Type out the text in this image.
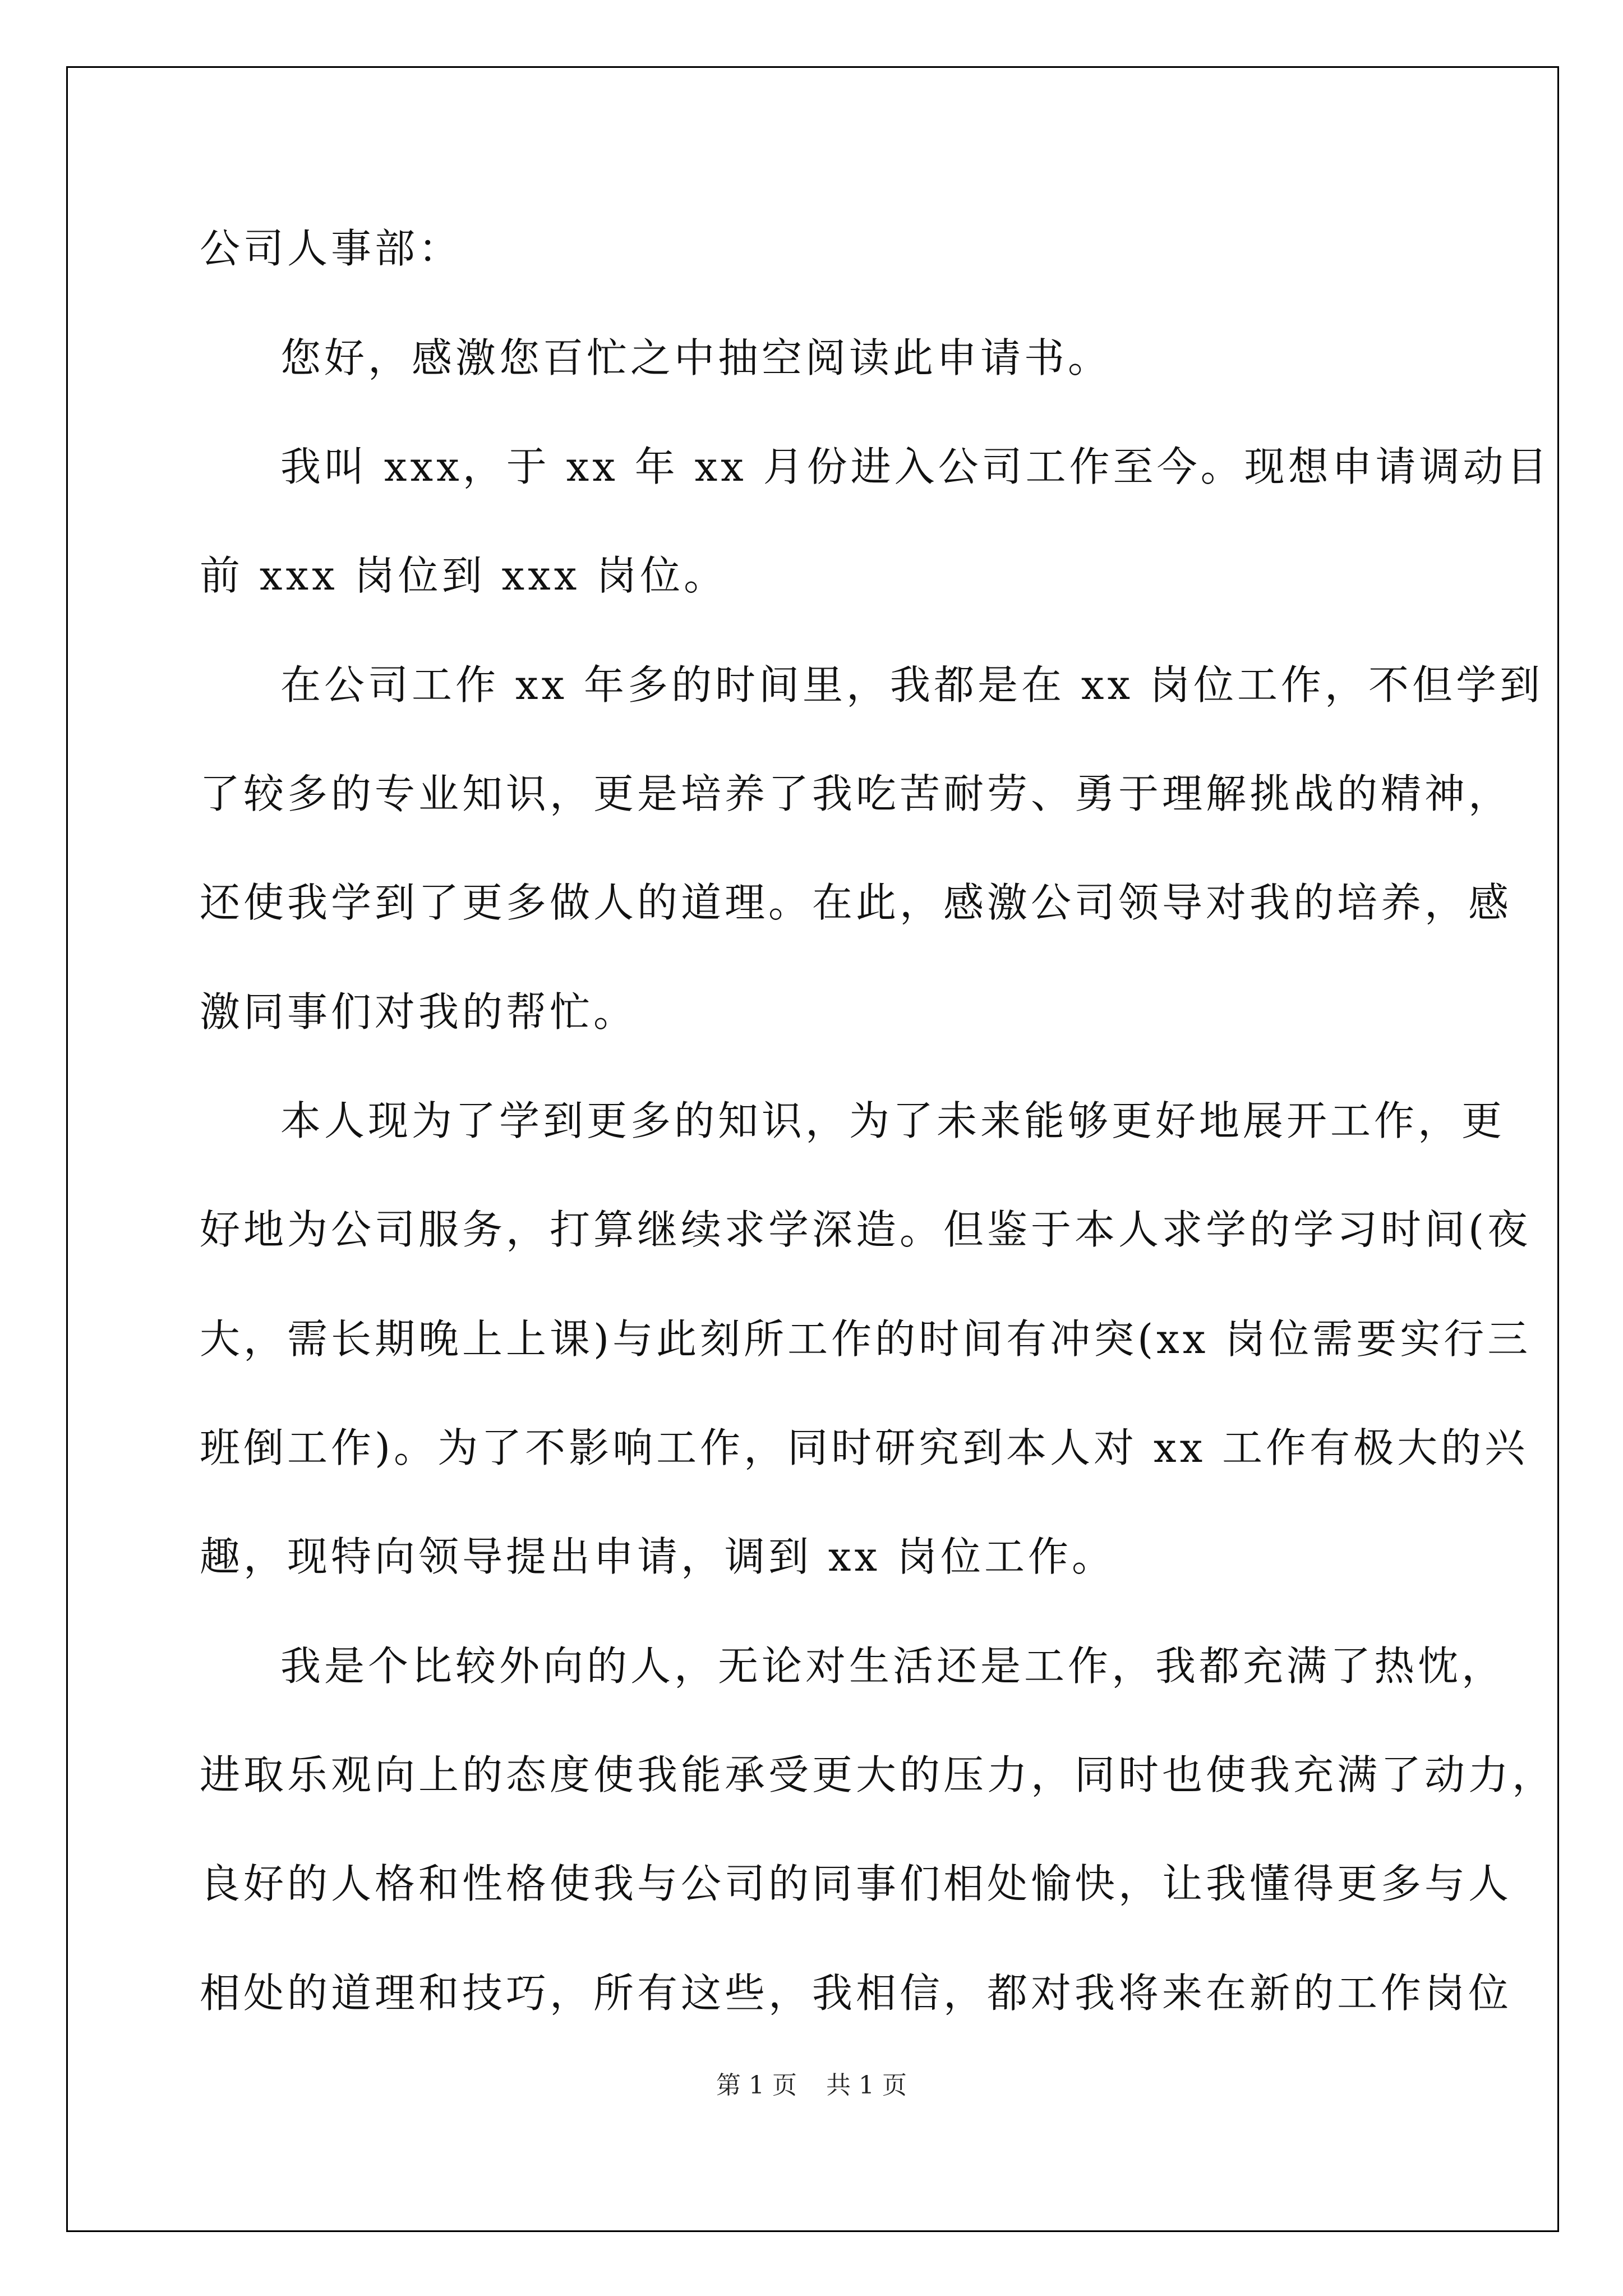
公司人事部：
您好，感激您百忙之中抽空阅读此申请书。
我叫 xxx，于 xx 年 xx 月份进入公司工作至今。现想申请调动目
前 xxx 岗位到 xxx 岗位。
在公司工作 xx 年多的时间里，我都是在 xx 岗位工作，不但学到
了较多的专业知识，更是培养了我吃苦耐劳、勇于理解挑战的精神，
还使我学到了更多做人的道理。在此，感激公司领导对我的培养，感
激同事们对我的帮忙。
本人现为了学到更多的知识，为了未来能够更好地展开工作，更
好地为公司服务，打算继续求学深造。但鉴于本人求学的学习时间(夜
大，需长期晚上上课)与此刻所工作的时间有冲突(xx 岗位需要实行三
班倒工作)。为了不影响工作，同时研究到本人对 xx 工作有极大的兴
趣，现特向领导提出申请，调到 xx 岗位工作。
我是个比较外向的人，无论对生活还是工作，我都充满了热忱，
进取乐观向上的态度使我能承受更大的压力，同时也使我充满了动力，
良好的人格和性格使我与公司的同事们相处愉快，让我懂得更多与人
相处的道理和技巧，所有这些，我相信，都对我将来在新的工作岗位
第 1 页 共 1 页
